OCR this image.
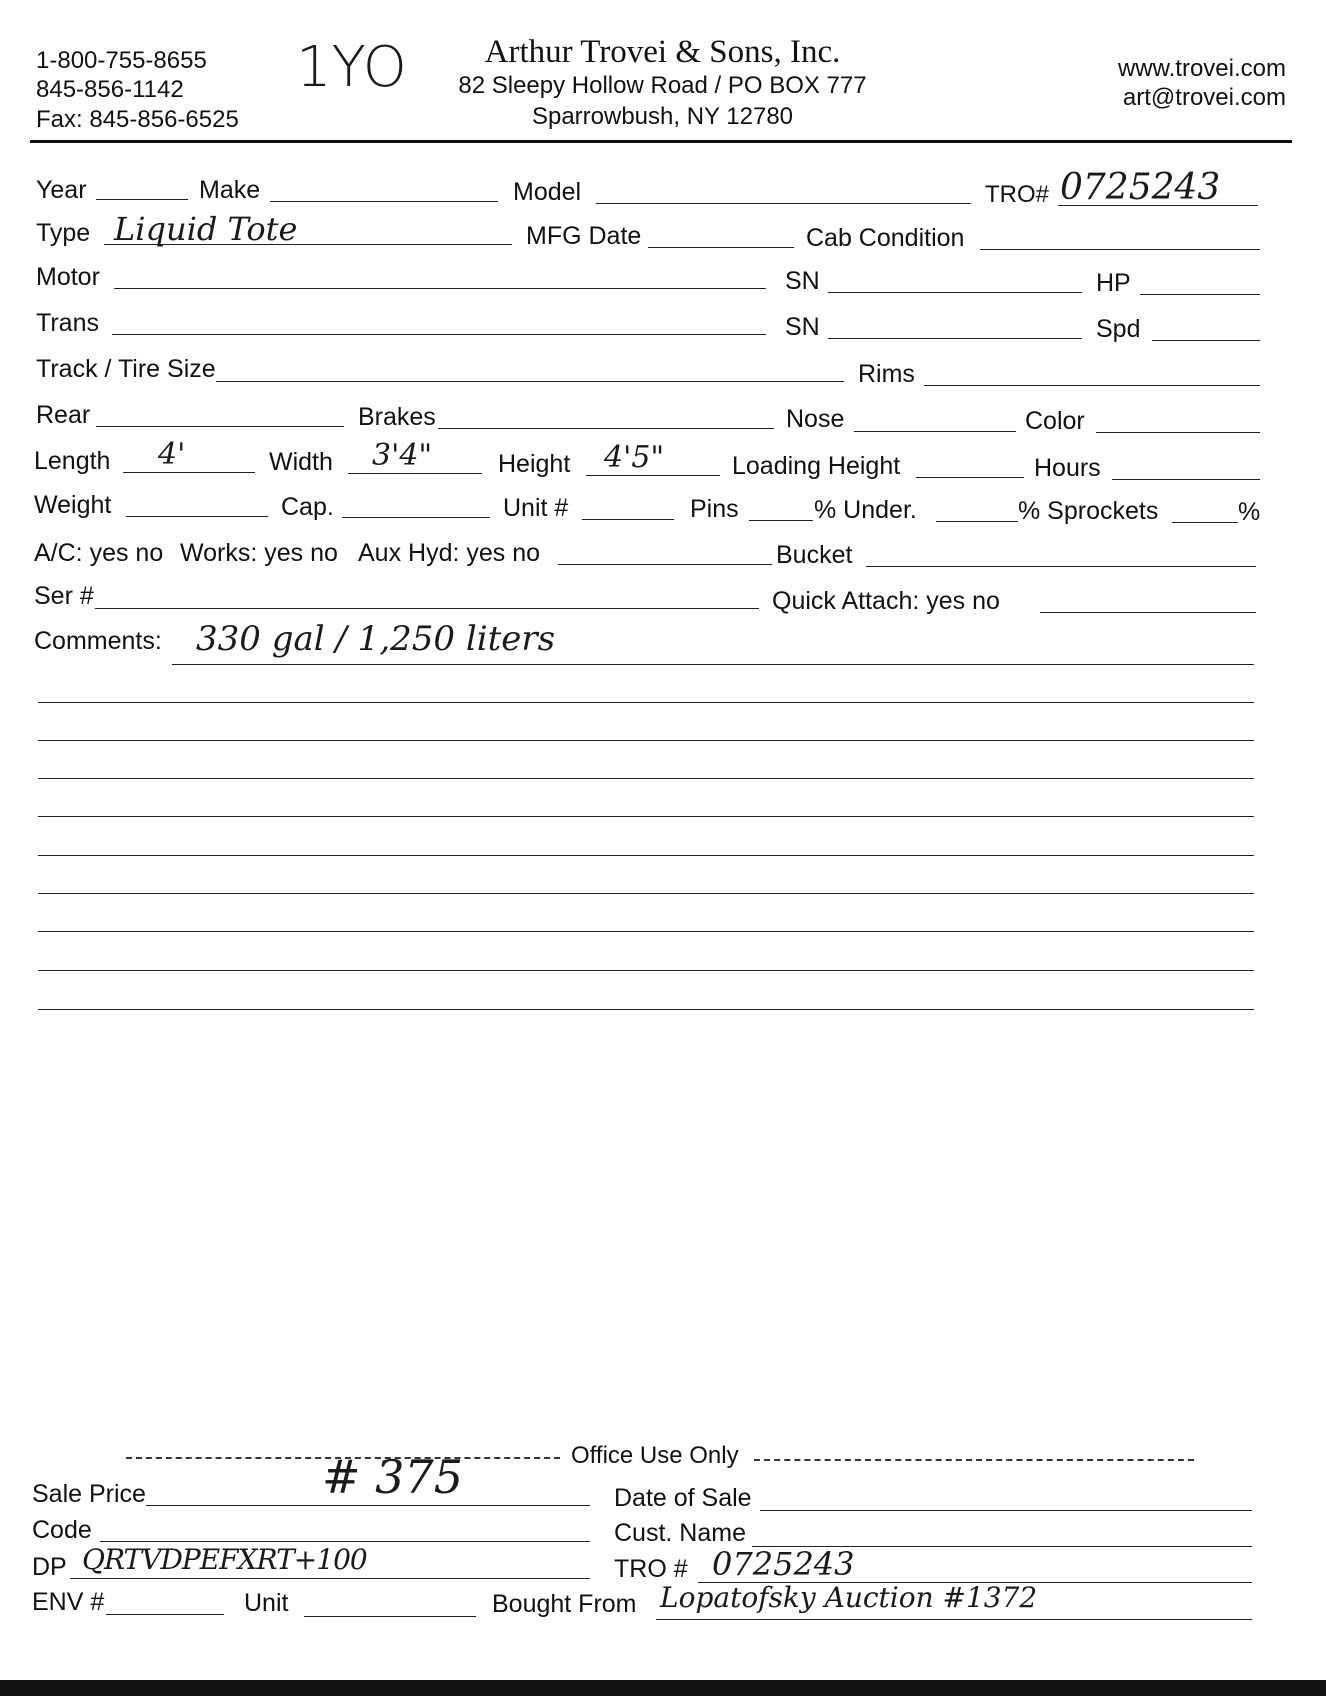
1-800-755-8655
845-856-1142
Fax: 845-856-6525
1YO	Arthur Trovei & Sons, Inc.
82 Sleepy Hollow Road / PO BOX 777
Sparrowbush, NY 12780
www.trovei.com
art@trovei.com
Year	Make	Model	TRO# 0725243
Type Liquid Tote	MFG Date	Cab Condition
Motor	SN	HP
Trans	SN	Spd
Track / Tire Size	Rims
Rear	Brakes	Nose	Color
Length 4'	Width 3'4"	Height 4'5"	Loading Height	Hours
Weight	Cap.	Unit #	Pins	% Under.	% Sprockets	%
A/C: yes no Works: yes no Aux Hyd: yes no	Bucket
Ser #	Quick Attach: yes no
Comments: 330 gal / 1,250 liters
Office Use Only
Sale Price	# 375	Date of Sale
Code	Cust. Name
DP QRTVDPEFXRT+100	TRO # 0725243
ENV #	Unit	Bought From Lopatofsky Auction #1372
